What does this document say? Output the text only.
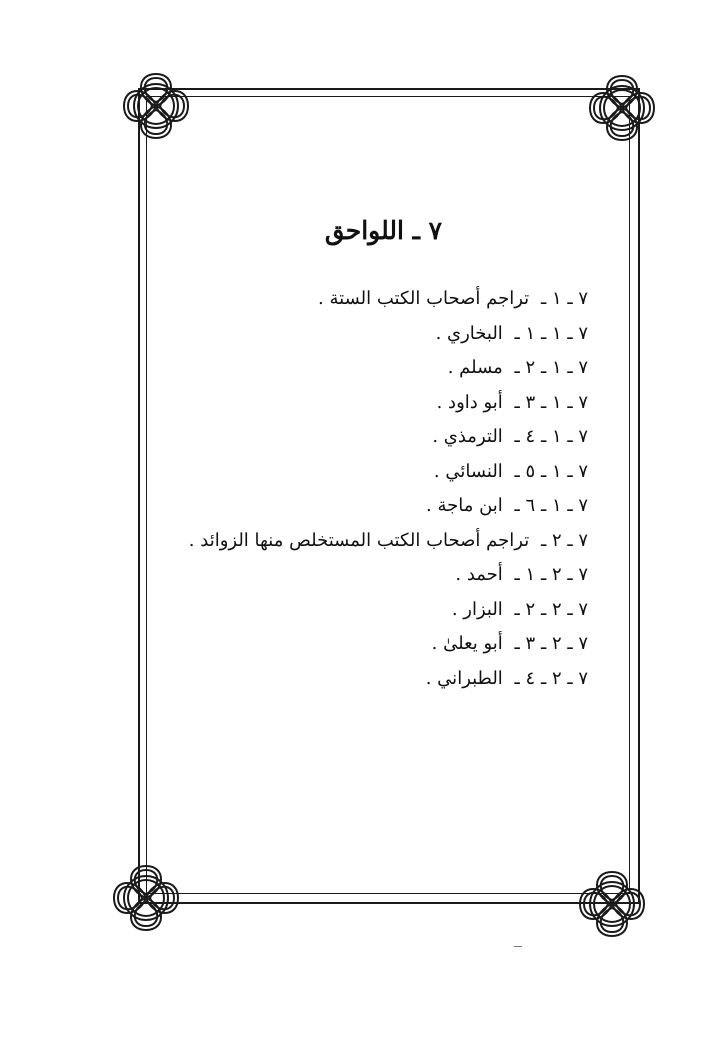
٧ ـ اللواحق
٧ ـ ١ ـ تراجم أصحاب الكتب الستة .
٧ ـ ١ ـ ١ ـ البخاري .
٧ ـ ١ ـ ٢ ـ مسلم .
٧ ـ ١ ـ ٣ ـ أبو داود .
٧ ـ ١ ـ ٤ ـ الترمذي .
٧ ـ ١ ـ ٥ ـ النسائي .
٧ ـ ١ ـ ٦ ـ ابن ماجة .
٧ ـ ٢ ـ تراجم أصحاب الكتب المستخلص منها الزوائد .
٧ ـ ٢ ـ ١ ـ أحمد .
٧ ـ ٢ ـ ٢ ـ البزار .
٧ ـ ٢ ـ ٣ ـ أبو يعلىٰ .
٧ ـ ٢ ـ ٤ ـ الطبراني .
